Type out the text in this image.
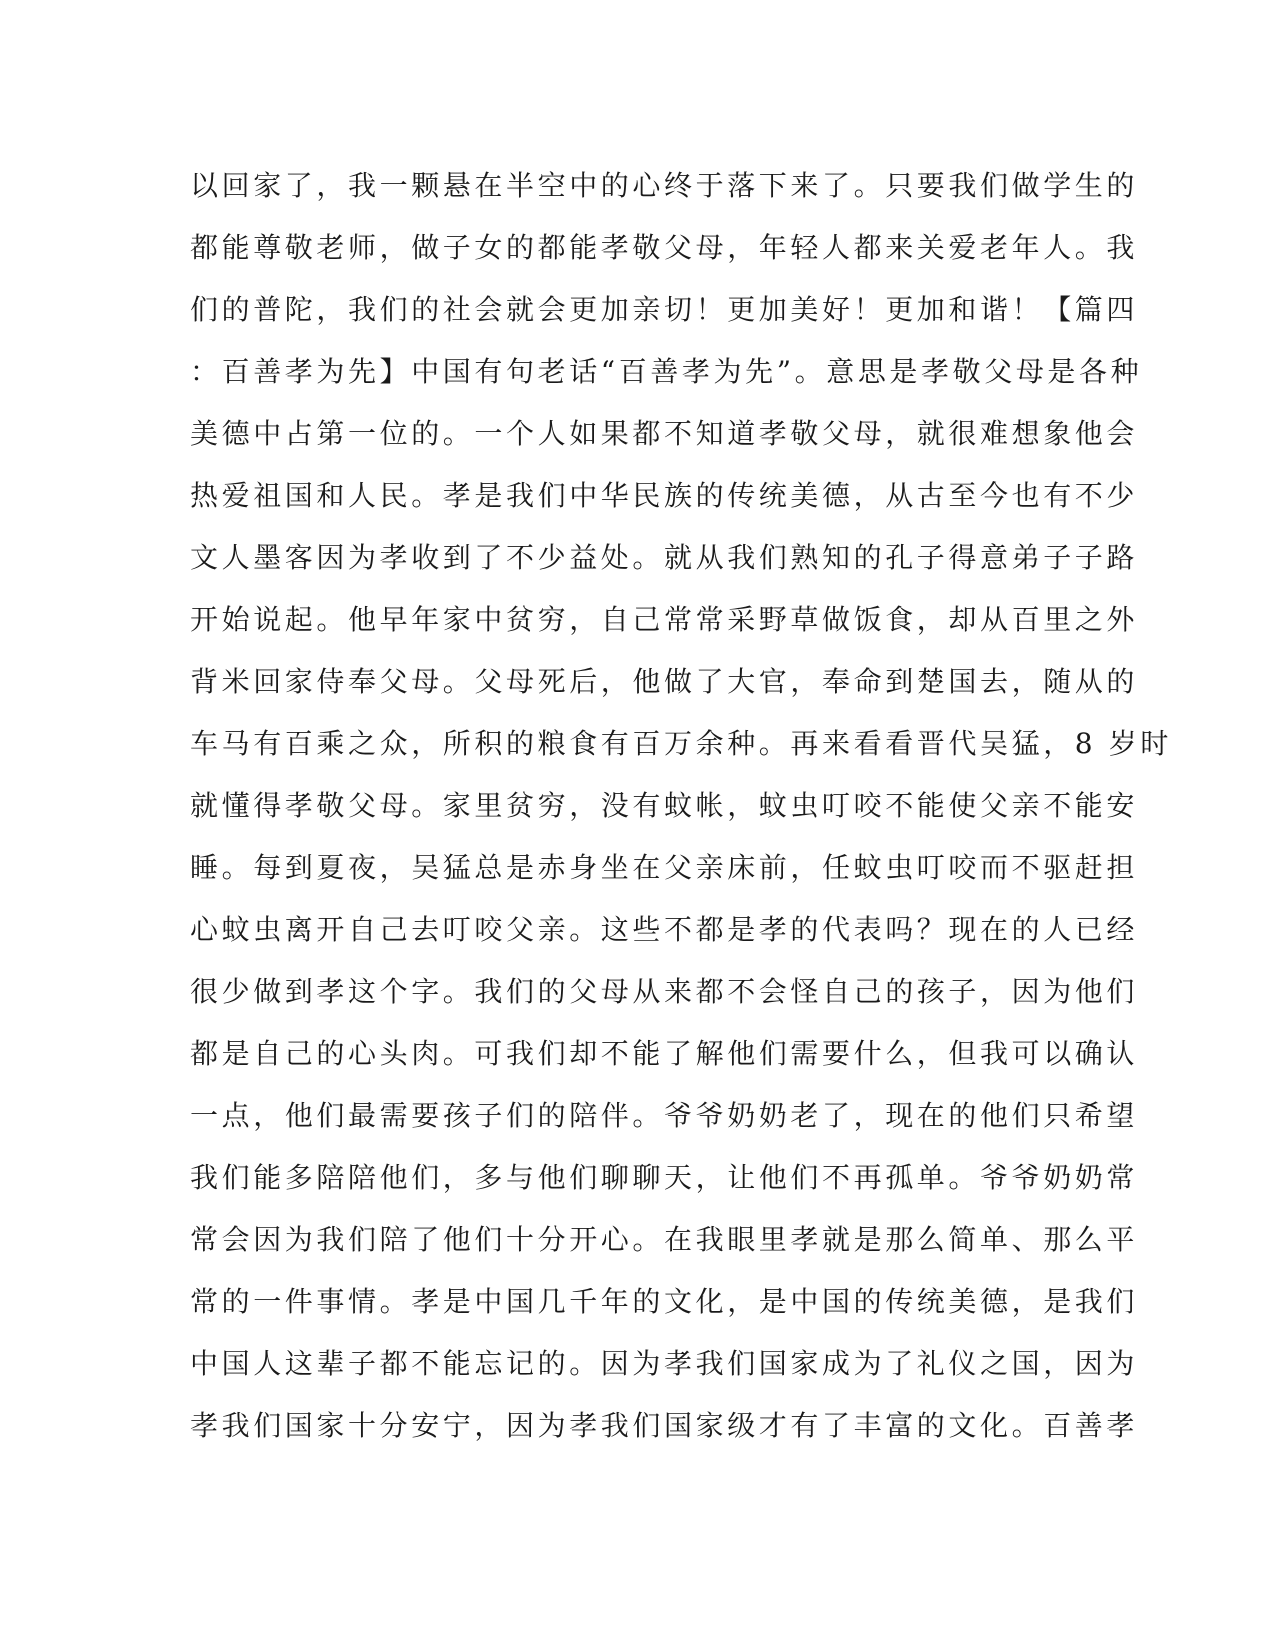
以回家了，我一颗悬在半空中的心终于落下来了。只要我们做学生的
都能尊敬老师，做子女的都能孝敬父母，年轻人都来关爱老年人。我
们的普陀，我们的社会就会更加亲切！更加美好！更加和谐！【篇四
：百善孝为先】中国有句老话“百善孝为先”。意思是孝敬父母是各种
美德中占第一位的。一个人如果都不知道孝敬父母，就很难想象他会
热爱祖国和人民。孝是我们中华民族的传统美德，从古至今也有不少
文人墨客因为孝收到了不少益处。就从我们熟知的孔子得意弟子子路
开始说起。他早年家中贫穷，自己常常采野草做饭食，却从百里之外
背米回家侍奉父母。父母死后，他做了大官，奉命到楚国去，随从的
车马有百乘之众，所积的粮食有百万余种。再来看看晋代吴猛，8 岁时
就懂得孝敬父母。家里贫穷，没有蚊帐，蚊虫叮咬不能使父亲不能安
睡。每到夏夜，吴猛总是赤身坐在父亲床前，任蚊虫叮咬而不驱赶担
心蚊虫离开自己去叮咬父亲。这些不都是孝的代表吗？现在的人已经
很少做到孝这个字。我们的父母从来都不会怪自己的孩子，因为他们
都是自己的心头肉。可我们却不能了解他们需要什么，但我可以确认
一点，他们最需要孩子们的陪伴。爷爷奶奶老了，现在的他们只希望
我们能多陪陪他们，多与他们聊聊天，让他们不再孤单。爷爷奶奶常
常会因为我们陪了他们十分开心。在我眼里孝就是那么简单、那么平
常的一件事情。孝是中国几千年的文化，是中国的传统美德，是我们
中国人这辈子都不能忘记的。因为孝我们国家成为了礼仪之国，因为
孝我们国家十分安宁，因为孝我们国家级才有了丰富的文化。百善孝
